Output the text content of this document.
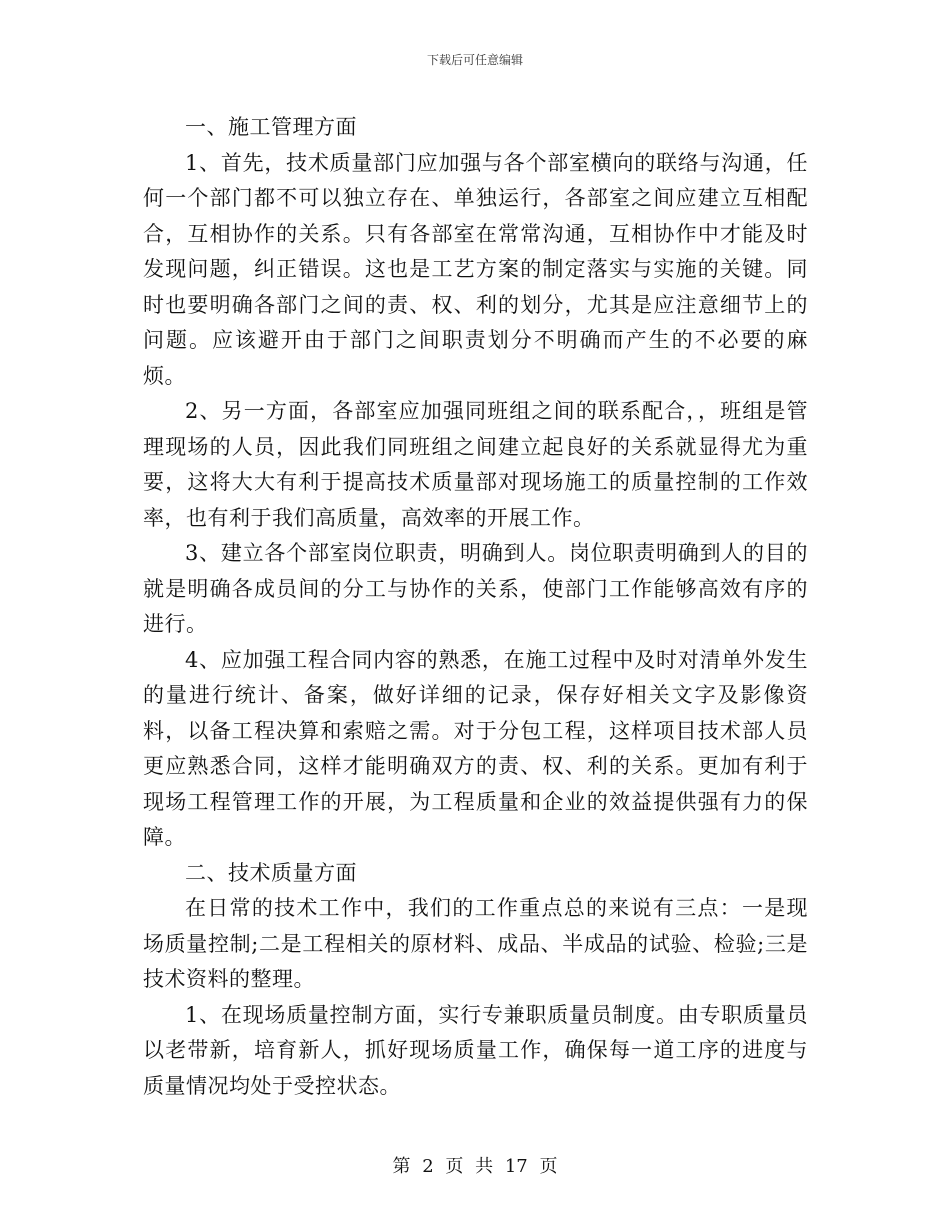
下载后可任意编辑

一、施工管理方面

1、首先，技术质量部门应加强与各个部室横向的联络与沟通，任何一个部门都不可以独立存在、单独运行，各部室之间应建立互相配合，互相协作的关系。只有各部室在常常沟通，互相协作中才能及时发现问题，纠正错误。这也是工艺方案的制定落实与实施的关键。同时也要明确各部门之间的责、权、利的划分，尤其是应注意细节上的问题。应该避开由于部门之间职责划分不明确而产生的不必要的麻烦。

2、另一方面，各部室应加强同班组之间的联系配合，，班组是管理现场的人员，因此我们同班组之间建立起良好的关系就显得尤为重要，这将大大有利于提高技术质量部对现场施工的质量控制的工作效率，也有利于我们高质量，高效率的开展工作。

3、建立各个部室岗位职责，明确到人。岗位职责明确到人的目的就是明确各成员间的分工与协作的关系，使部门工作能够高效有序的进行。

4、应加强工程合同内容的熟悉，在施工过程中及时对清单外发生的量进行统计、备案，做好详细的记录，保存好相关文字及影像资料，以备工程决算和索赔之需。对于分包工程，这样项目技术部人员更应熟悉合同，这样才能明确双方的责、权、利的关系。更加有利于现场工程管理工作的开展，为工程质量和企业的效益提供强有力的保障。

二、技术质量方面

在日常的技术工作中，我们的工作重点总的来说有三点：一是现场质量控制;二是工程相关的原材料、成品、半成品的试验、检验;三是技术资料的整理。

1、在现场质量控制方面，实行专兼职质量员制度。由专职质量员以老带新，培育新人，抓好现场质量工作，确保每一道工序的进度与质量情况均处于受控状态。

第 2 页 共 17 页
